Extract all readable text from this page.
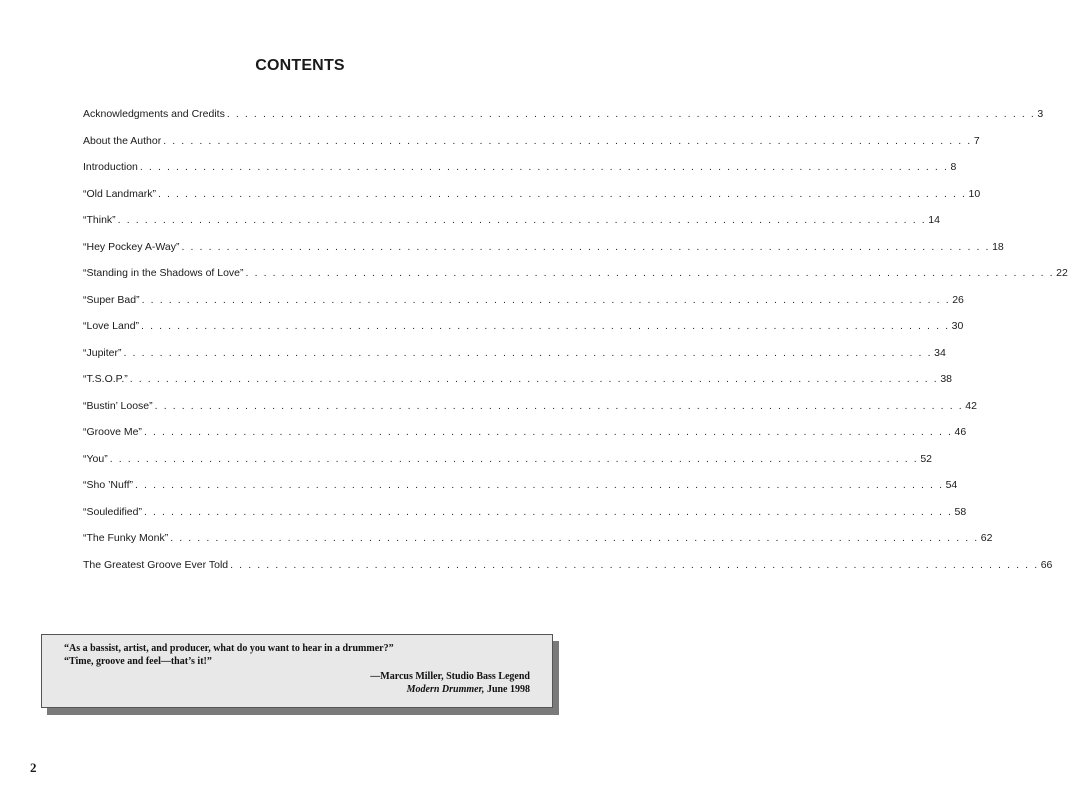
CONTENTS
Acknowledgments and Credits . . . . . . . . . . . . . . . . . . . . . . . . . . . . . . . . . . . . . . . . . . . . . . . . . . . . . . . . . . . . . . . . . . . . . . . . . . . . . . . . . . . . . . . . . . 3
About the Author . . . . . . . . . . . . . . . . . . . . . . . . . . . . . . . . . . . . . . . . . . . . . . . . . . . . . . . . . . . . . . . . . . . . . . . . . . . . . . . . . . . . . . . . . . 7
Introduction . . . . . . . . . . . . . . . . . . . . . . . . . . . . . . . . . . . . . . . . . . . . . . . . . . . . . . . . . . . . . . . . . . . . . . . . . . . . . . . . . . . . . . . . . . 8
“Old Landmark” . . . . . . . . . . . . . . . . . . . . . . . . . . . . . . . . . . . . . . . . . . . . . . . . . . . . . . . . . . . . . . . . . . . . . . . . . . . . . . . . . . . . . . . . . . 10
“Think” . . . . . . . . . . . . . . . . . . . . . . . . . . . . . . . . . . . . . . . . . . . . . . . . . . . . . . . . . . . . . . . . . . . . . . . . . . . . . . . . . . . . . . . . . . 14
“Hey Pockey A-Way” . . . . . . . . . . . . . . . . . . . . . . . . . . . . . . . . . . . . . . . . . . . . . . . . . . . . . . . . . . . . . . . . . . . . . . . . . . . . . . . . . . . . . . . . . . 18
“Standing in the Shadows of Love” . . . . . . . . . . . . . . . . . . . . . . . . . . . . . . . . . . . . . . . . . . . . . . . . . . . . . . . . . . . . . . . . . . . . . . . . . . . . . . . . . . . . . . . . . . 22
“Super Bad” . . . . . . . . . . . . . . . . . . . . . . . . . . . . . . . . . . . . . . . . . . . . . . . . . . . . . . . . . . . . . . . . . . . . . . . . . . . . . . . . . . . . . . . . . . 26
“Love Land” . . . . . . . . . . . . . . . . . . . . . . . . . . . . . . . . . . . . . . . . . . . . . . . . . . . . . . . . . . . . . . . . . . . . . . . . . . . . . . . . . . . . . . . . . . 30
“Jupiter” . . . . . . . . . . . . . . . . . . . . . . . . . . . . . . . . . . . . . . . . . . . . . . . . . . . . . . . . . . . . . . . . . . . . . . . . . . . . . . . . . . . . . . . . . . 34
“T.S.O.P.” . . . . . . . . . . . . . . . . . . . . . . . . . . . . . . . . . . . . . . . . . . . . . . . . . . . . . . . . . . . . . . . . . . . . . . . . . . . . . . . . . . . . . . . . . . 38
“Bustin’ Loose” . . . . . . . . . . . . . . . . . . . . . . . . . . . . . . . . . . . . . . . . . . . . . . . . . . . . . . . . . . . . . . . . . . . . . . . . . . . . . . . . . . . . . . . . . . 42
“Groove Me” . . . . . . . . . . . . . . . . . . . . . . . . . . . . . . . . . . . . . . . . . . . . . . . . . . . . . . . . . . . . . . . . . . . . . . . . . . . . . . . . . . . . . . . . . . 46
“You” . . . . . . . . . . . . . . . . . . . . . . . . . . . . . . . . . . . . . . . . . . . . . . . . . . . . . . . . . . . . . . . . . . . . . . . . . . . . . . . . . . . . . . . . . . 52
“Sho ’Nuff” . . . . . . . . . . . . . . . . . . . . . . . . . . . . . . . . . . . . . . . . . . . . . . . . . . . . . . . . . . . . . . . . . . . . . . . . . . . . . . . . . . . . . . . . . . 54
“Souledified” . . . . . . . . . . . . . . . . . . . . . . . . . . . . . . . . . . . . . . . . . . . . . . . . . . . . . . . . . . . . . . . . . . . . . . . . . . . . . . . . . . . . . . . . . . 58
“The Funky Monk” . . . . . . . . . . . . . . . . . . . . . . . . . . . . . . . . . . . . . . . . . . . . . . . . . . . . . . . . . . . . . . . . . . . . . . . . . . . . . . . . . . . . . . . . . . 62
The Greatest Groove Ever Told . . . . . . . . . . . . . . . . . . . . . . . . . . . . . . . . . . . . . . . . . . . . . . . . . . . . . . . . . . . . . . . . . . . . . . . . . . . . . . . . . . . . . . . . . . 66
“As a bassist, artist, and producer, what do you want to hear in a drummer?”
“Time, groove and feel—that’s it!”
—Marcus Miller, Studio Bass Legend
Modern Drummer, June 1998
2
